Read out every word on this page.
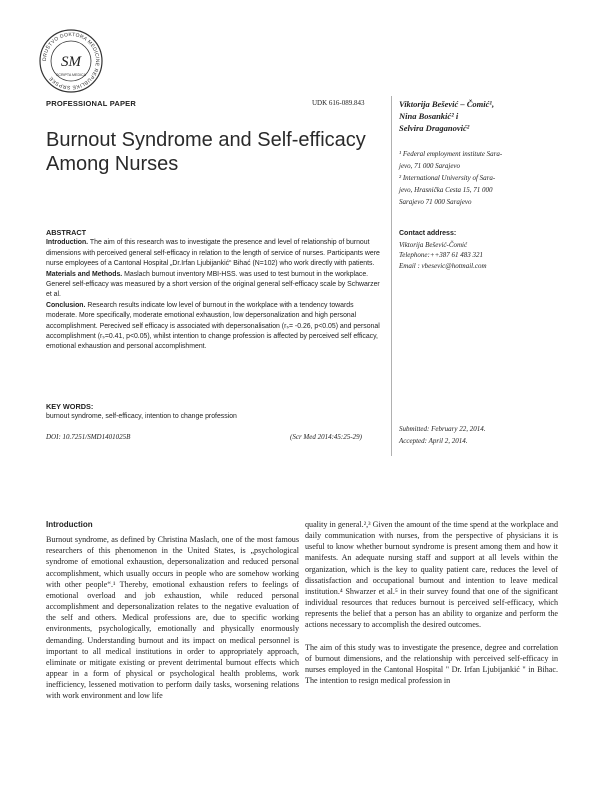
DRUŠTVO DOKTORA MEDICINE REPUBLIKE SRPSKE
SM
SCRIPTA MEDICA
PROFESSIONAL PAPER	UDK 616-089.843
Burnout Syndrome and Self-efficacy Among Nurses
Viktorija Bešević – Čomić¹,
Nina Bosankić² i
Selvira Draganović²
¹ Federal employment institute Sara-
jevo, 71 000 Sarajevo
² International University of Sara-
jevo, Hrasnička Cesta 15, 71 000
Sarajevo 71 000 Sarajevo
Contact address:
Viktorija Bešević-Čomić
Telephone:++387 61 483 321
Email : vbesevic@hotmail.com
ABSTRACT
Introduction. The aim of this research was to investigate the presence and level of relationship of burnout dimensions with perceived general self-efficacy in relation to the length of service of nurses. Participants were nurse employees of a Cantonal Hospital „Dr.Irfan Ljubijankić“ Bihać (N=102) who work directly with patients.
Materials and Methods. Maslach burnout inventory MBI-HSS. was used to test burnout in the workplace. Generel self-efficacy was measured by a short version of the original general self-efficacy scale by Schwarzer et al.
Conclusion. Research results indicate low level of burnout in the workplace with a tendency towards moderate. More specifically, moderate emotional exhaustion, low depersonalization and high personal accomplishment. Perecived self efficacy is associated with depersonalisation (rₛ= -0.26, p<0.05) and personal accomplishment (rₛ=0.41, p<0.05), whilst intention to change profession is affected by perceived self efficacy, emotional exhaustion and personal accomplishment.
KEY WORDS:
burnout syndrome, self-efficacy, intention to change profession
DOI: 10.7251/SMD1401025B	(Scr Med 2014:45:25-29)
Submitted: February 22, 2014.
Accepted: April 2, 2014.
Introduction

Burnout syndrome, as defined by Christina Maslach, one of the most famous researchers of this phenomenon in the United States, is „psychological syndrome of emotional exhaustion, depersonalization and reduced personal accomplishment, which usually occurs in people who are somehow working with other people“.¹ Thereby, emotional exhaustion refers to feelings of emotional overload and job exhaustion, while reduced personal accomplishment and depersonalization relates to the negative evaluation of the self and others. Medical professions are, due to specific working environments, psychologically, emotionally and physically enormously demanding. Understanding burnout and its impact on medical personnel is important to all medical institutions in order to appropriately approach, eliminate or mitigate existing or prevent detrimental burnout effects which appear in a form of physical or psychological health problems, work inefficiency, lessened motivation to perform daily tasks, worsening relations with work environment and low life

quality in general.²,³ Given the amount of the time spend at the workplace and daily communication with nurses, from the perspective of physicians it is useful to know whether burnout syndrome is present among them and how it manifests. An adequate nursing staff and support at all levels within the organization, which is the key to quality patient care, reduces the level of dissatisfaction and occupational burnout and intention to leave medical institution.⁴ Shwarzer et al.⁵ in their survey found that one of the significant individual resources that reduces burnout is perceived self-efficacy, which represents the belief that a person has an ability to organize and perform the actions necessary to accomplish the desired outcomes.

The aim of this study was to investigate the presence, degree and correlation of burnout dimensions, and the relationship with perceived self-efficacy in nurses employed in the Cantonal Hospital " Dr. Irfan Ljubijankić " in Bihac. The intention to resign medical profession in
